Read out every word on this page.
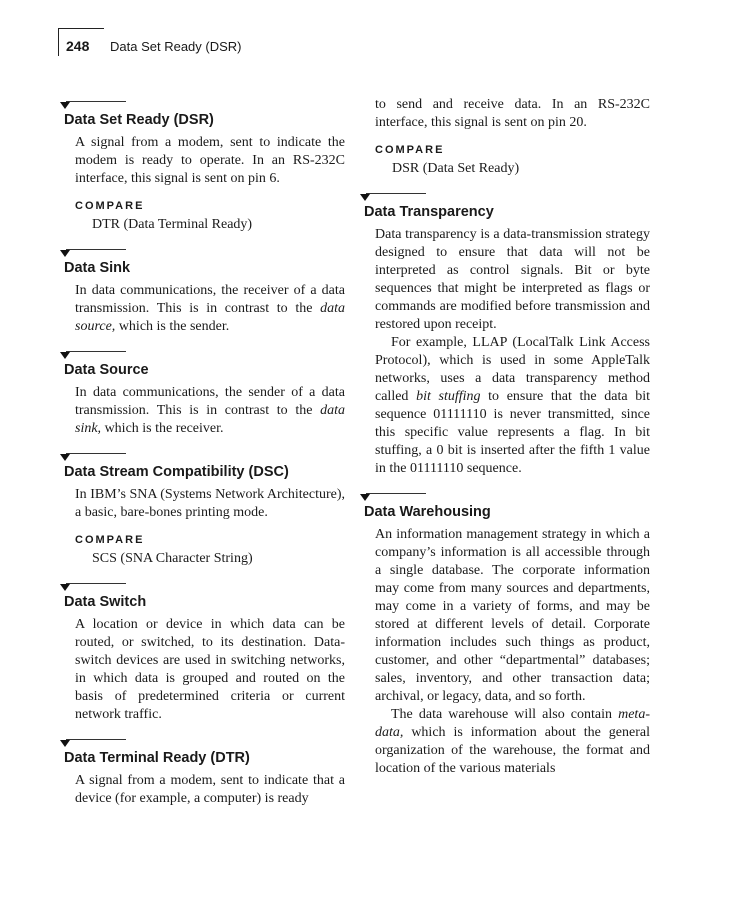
248 Data Set Ready (DSR)
Data Set Ready (DSR)

A signal from a modem, sent to indicate the modem is ready to operate. In an RS-232C interface, this signal is sent on pin 6.

COMPARE
DTR (Data Terminal Ready)
Data Sink

In data communications, the receiver of a data transmission. This is in contrast to the data source, which is the sender.

Data Source

In data communications, the sender of a data transmission. This is in contrast to the data sink, which is the receiver.

Data Stream Compatibility (DSC)

In IBM’s SNA (Systems Network Architecture), a basic, bare-bones printing mode.

COMPARE
SCS (SNA Character String)
Data Switch

A location or device in which data can be routed, or switched, to its destination. Data-switch devices are used in switching networks, in which data is grouped and routed on the basis of predetermined criteria or current network traffic.

Data Terminal Ready (DTR)

A signal from a modem, sent to indicate that a device (for example, a computer) is ready

to send and receive data. In an RS-232C interface, this signal is sent on pin 20.

COMPARE
DSR (Data Set Ready)
Data Transparency

Data transparency is a data-transmission strategy designed to ensure that data will not be interpreted as control signals. Bit or byte sequences that might be interpreted as flags or commands are modified before transmission and restored upon receipt.

For example, LLAP (LocalTalk Link Access Protocol), which is used in some AppleTalk networks, uses a data transparency method called bit stuffing to ensure that the data bit sequence 01111110 is never transmitted, since this specific value represents a flag. In bit stuffing, a 0 bit is inserted after the fifth 1 value in the 01111110 sequence.

Data Warehousing

An information management strategy in which a company’s information is all accessible through a single database. The corporate information may come from many sources and departments, may come in a variety of forms, and may be stored at different levels of detail. Corporate information includes such things as product, customer, and other “departmental” databases; sales, inventory, and other transaction data; archival, or legacy, data, and so forth.

The data warehouse will also contain meta-data, which is information about the general organization of the warehouse, the format and location of the various materials
